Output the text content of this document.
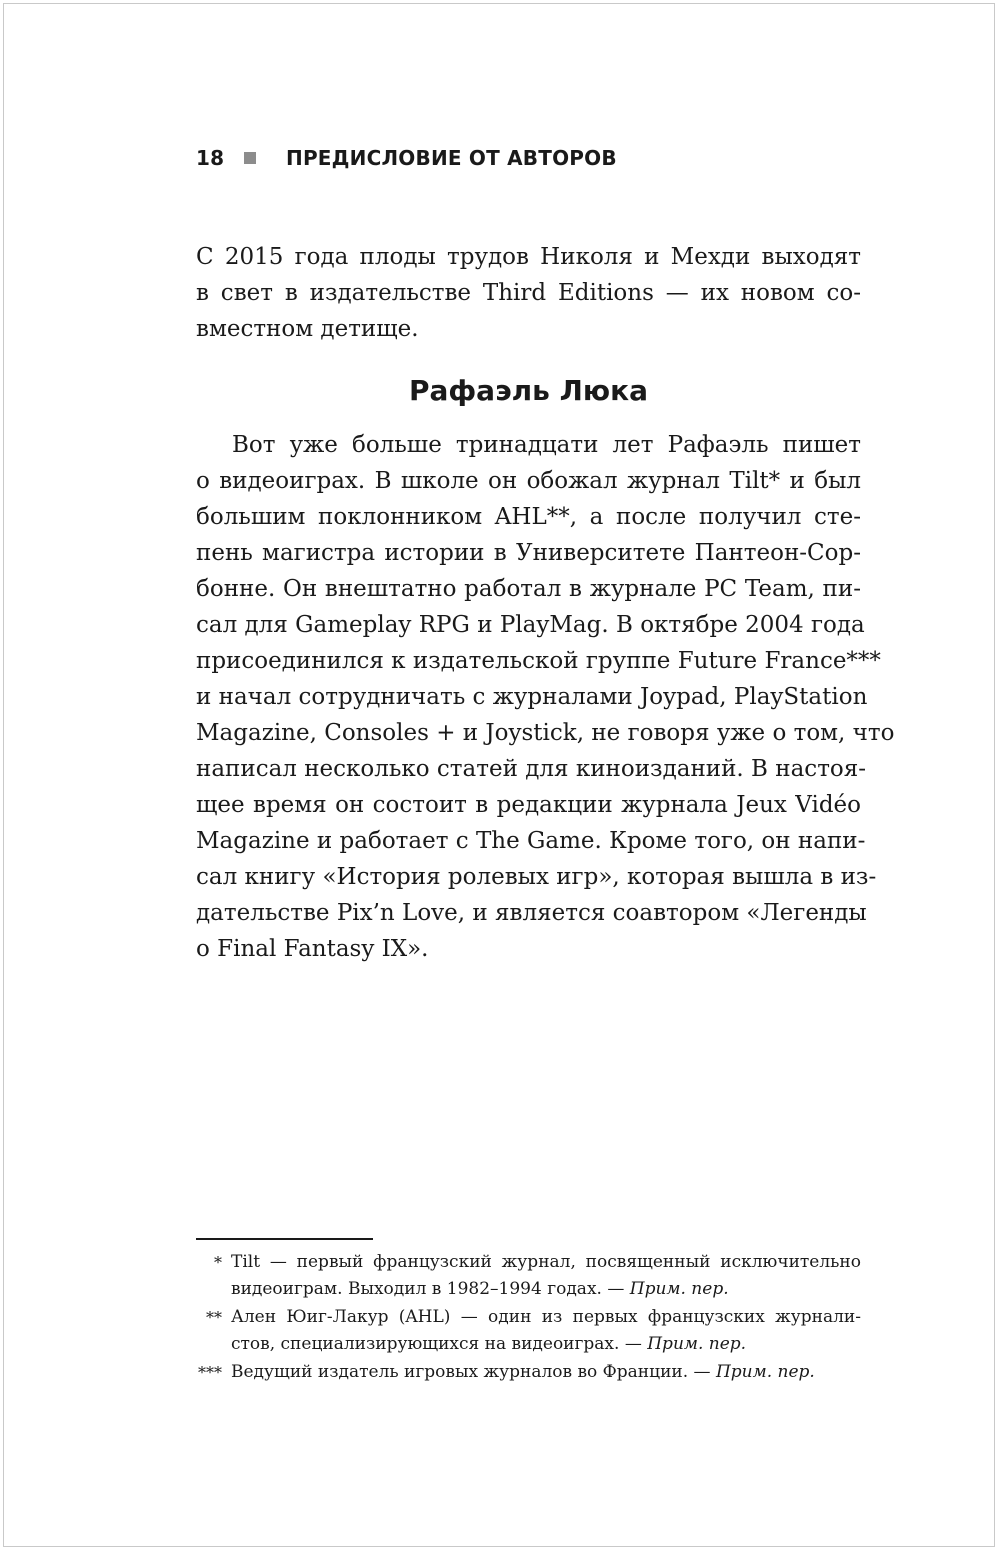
18	ПРЕДИСЛОВИЕ ОТ АВТОРОВ

С 2015 года плоды трудов Николя и Мехди выходят
в свет в издательстве Third Editions — их новом со-
вместном детище.

Рафаэль Люка

Вот уже больше тринадцати лет Рафаэль пишет
о видеоиграх. В школе он обожал журнал Tilt* и был
большим поклонником AHL**, а после получил сте-
пень магистра истории в Университете Пантеон-Сор-
бонне. Он внештатно работал в журнале PC Team, пи-
сал для Gameplay RPG и PlayMag. В октябре 2004 года
присоединился к издательской группе Future France***
и начал сотрудничать с журналами Joypad, PlayStation
Magazine, Consoles + и Joystick, не говоря уже о том, что
написал несколько статей для киноизданий. В настоя-
щее время он состоит в редакции журнала Jeux Vidéo
Magazine и работает с The Game. Кроме того, он напи-
сал книгу «История ролевых игр», которая вышла в из-
дательстве Pix’n Love, и является соавтором «Легенды
о Final Fantasy IX».

* Tilt — первый французский журнал, посвященный исключительно
видеоиграм. Выходил в 1982–1994 годах. — Прим. пер.
** Ален Юиг-Лакур (AHL) — один из первых французских журнали-
стов, специализирующихся на видеоиграх. — Прим. пер.
*** Ведущий издатель игровых журналов во Франции. — Прим. пер.
